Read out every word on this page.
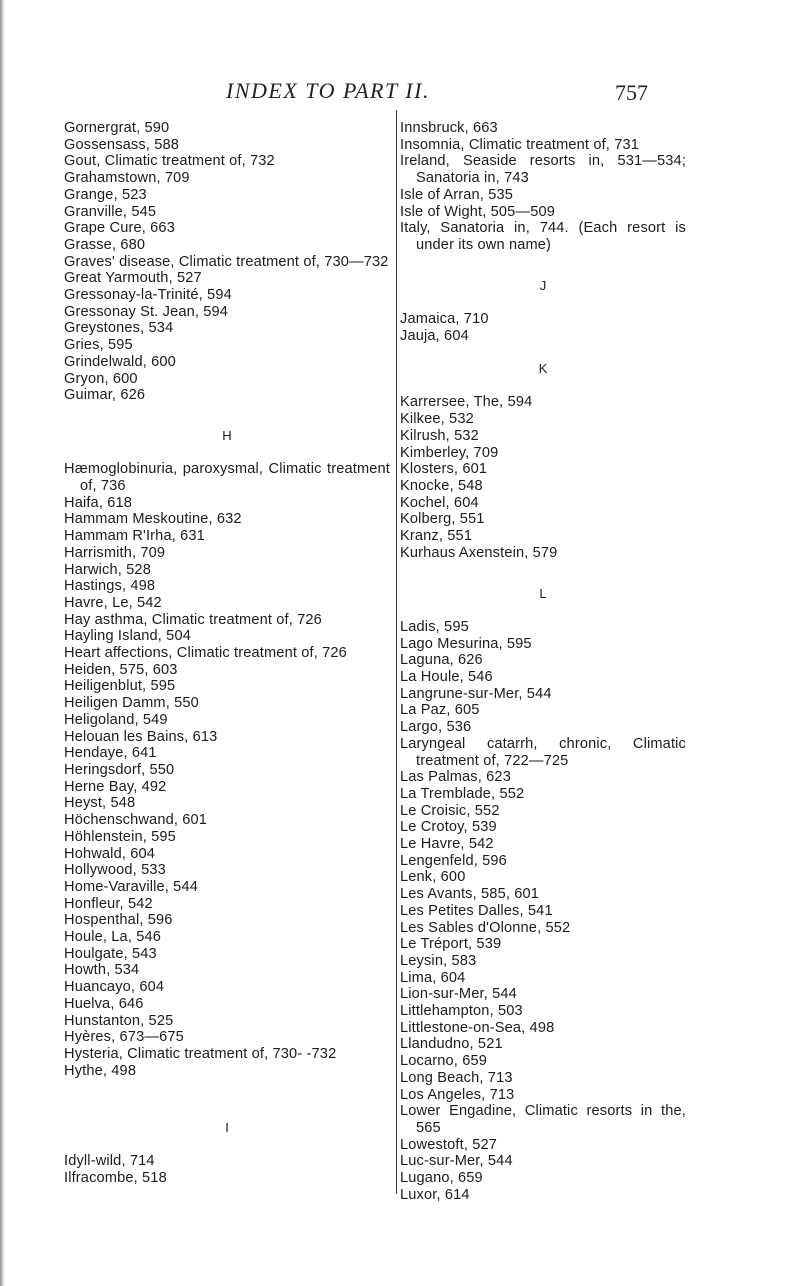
INDEX TO PART II.	757
Gornergrat, 590
Gossensass, 588
Gout, Climatic treatment of, 732
Grahamstown, 709
Grange, 523
Granville, 545
Grape Cure, 663
Grasse, 680
Graves' disease, Climatic treatment of, 730—732
Great Yarmouth, 527
Gressonay-la-Trinité, 594
Gressonay St. Jean, 594
Greystones, 534
Gries, 595
Grindelwald, 600
Gryon, 600
Guimar, 626
H
Hæmoglobinuria, paroxysmal, Climatic treatment of, 736
Haifa, 618
Hammam Meskoutine, 632
Hammam R'Irha, 631
Harrismith, 709
Harwich, 528
Hastings, 498
Havre, Le, 542
Hay asthma, Climatic treatment of, 726
Hayling Island, 504
Heart affections, Climatic treatment of, 726
Heiden, 575, 603
Heiligenblut, 595
Heiligen Damm, 550
Heligoland, 549
Helouan les Bains, 613
Hendaye, 641
Heringsdorf, 550
Herne Bay, 492
Heyst, 548
Höchenschwand, 601
Höhlenstein, 595
Hohwald, 604
Hollywood, 533
Home-Varaville, 544
Honfleur, 542
Hospenthal, 596
Houle, La, 546
Houlgate, 543
Howth, 534
Huancayo, 604
Huelva, 646
Hunstanton, 525
Hyères, 673—675
Hysteria, Climatic treatment of, 730- -732
Hythe, 498
I
Idyll-wild, 714
Ilfracombe, 518
Innsbruck, 663
Insomnia, Climatic treatment of, 731
Ireland, Seaside resorts in, 531—534; Sanatoria in, 743
Isle of Arran, 535
Isle of Wight, 505—509
Italy, Sanatoria in, 744. (Each resort is under its own name)
J
Jamaica, 710
Jauja, 604
K
Karrersee, The, 594
Kilkee, 532
Kilrush, 532
Kimberley, 709
Klosters, 601
Knocke, 548
Kochel, 604
Kolberg, 551
Kranz, 551
Kurhaus Axenstein, 579
L
Ladis, 595
Lago Mesurina, 595
Laguna, 626
La Houle, 546
Langrune-sur-Mer, 544
La Paz, 605
Largo, 536
Laryngeal catarrh, chronic, Climatic treatment of, 722—725
Las Palmas, 623
La Tremblade, 552
Le Croisic, 552
Le Crotoy, 539
Le Havre, 542
Lengenfeld, 596
Lenk, 600
Les Avants, 585, 601
Les Petites Dalles, 541
Les Sables d'Olonne, 552
Le Tréport, 539
Leysin, 583
Lima, 604
Lion-sur-Mer, 544
Littlehampton, 503
Littlestone-on-Sea, 498
Llandudno, 521
Locarno, 659
Long Beach, 713
Los Angeles, 713
Lower Engadine, Climatic resorts in the, 565
Lowestoft, 527
Luc-sur-Mer, 544
Lugano, 659
Luxor, 614
